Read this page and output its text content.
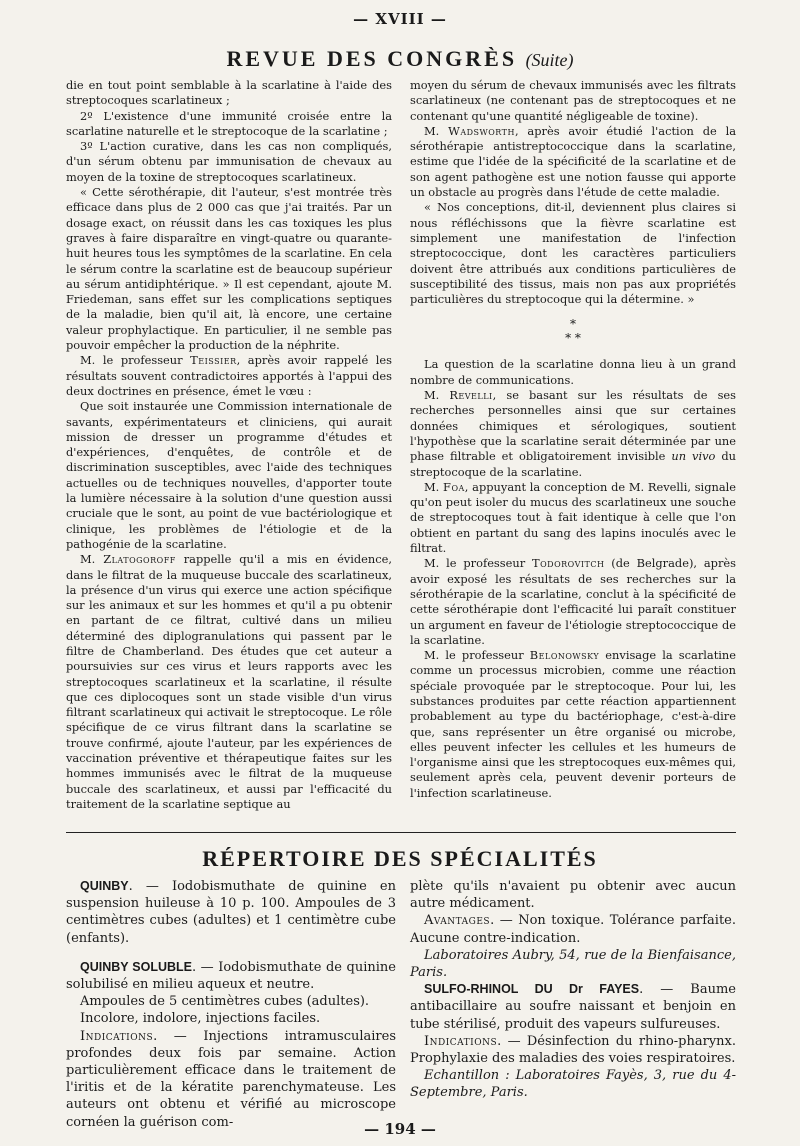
— XVIII —
REVUE DES CONGRÈS (Suite)

die en tout point semblable à la scarlatine à l'aide des streptocoques scarlatineux ;

2º L'existence d'une immunité croisée entre la scarlatine naturelle et le streptocoque de la scarlatine ;

3º L'action curative, dans les cas non compliqués, d'un sérum obtenu par immunisation de chevaux au moyen de la toxine de streptocoques scarlatineux.

« Cette sérothérapie, dit l'auteur, s'est montrée très efficace dans plus de 2 000 cas que j'ai traités. Par un dosage exact, on réussit dans les cas toxiques les plus graves à faire disparaître en vingt-quatre ou quarante-huit heures tous les symptômes de la scarlatine. En cela le sérum contre la scarlatine est de beaucoup supérieur au sérum antidiphtérique. » Il est cependant, ajoute M. Friedeman, sans effet sur les complications septiques de la maladie, bien qu'il ait, là encore, une certaine valeur prophylactique. En particulier, il ne semble pas pouvoir empêcher la production de la néphrite.

M. le professeur Teissier, après avoir rappelé les résultats souvent contradictoires apportés à l'appui des deux doctrines en présence, émet le vœu :

Que soit instaurée une Commission internationale de savants, expérimentateurs et cliniciens, qui aurait mission de dresser un programme d'études et d'expériences, d'enquêtes, de contrôle et de discrimination susceptibles, avec l'aide des techniques actuelles ou de techniques nouvelles, d'apporter toute la lumière nécessaire à la solution d'une question aussi cruciale que le sont, au point de vue bactériologique et clinique, les problèmes de l'étiologie et de la pathogénie de la scarlatine.

M. Zlatogoroff rappelle qu'il a mis en évidence, dans le filtrat de la muqueuse buccale des scarlatineux, la présence d'un virus qui exerce une action spécifique sur les animaux et sur les hommes et qu'il a pu obtenir en partant de ce filtrat, cultivé dans un milieu déterminé des diplogranulations qui passent par le filtre de Chamberland. Des études que cet auteur a poursuivies sur ces virus et leurs rapports avec les streptocoques scarlatineux et la scarlatine, il résulte que ces diplocoques sont un stade visible d'un virus filtrant scarlatineux qui activait le streptocoque. Le rôle spécifique de ce virus filtrant dans la scarlatine se trouve confirmé, ajoute l'auteur, par les expériences de vaccination préventive et thérapeutique faites sur les hommes immunisés avec le filtrat de la muqueuse buccale des scarlatineux, et aussi par l'efficacité du traitement de la scarlatine septique au

moyen du sérum de chevaux immunisés avec les filtrats scarlatineux (ne contenant pas de streptocoques et ne contenant qu'une quantité négligeable de toxine).

M. Wadsworth, après avoir étudié l'action de la sérothérapie antistreptococcique dans la scarlatine, estime que l'idée de la spécificité de la scarlatine et de son agent pathogène est une notion fausse qui apporte un obstacle au progrès dans l'étude de cette maladie.

« Nos conceptions, dit-il, deviennent plus claires si nous réfléchissons que la fièvre scarlatine est simplement une manifestation de l'infection streptococcique, dont les caractères particuliers doivent être attribués aux conditions particulières de susceptibilité des tissus, mais non pas aux propriétés particulières du streptocoque qui la détermine. »

*
* *

La question de la scarlatine donna lieu à un grand nombre de communications.

M. Revelli, se basant sur les résultats de ses recherches personnelles ainsi que sur certaines données chimiques et sérologiques, soutient l'hypothèse que la scarlatine serait déterminée par une phase filtrable et obligatoirement invisible un vivo du streptocoque de la scarlatine.

M. Foa, appuyant la conception de M. Revelli, signale qu'on peut isoler du mucus des scarlatineux une souche de streptocoques tout à fait identique à celle que l'on obtient en partant du sang des lapins inoculés avec le filtrat.

M. le professeur Todorovitch (de Belgrade), après avoir exposé les résultats de ses recherches sur la sérothérapie de la scarlatine, conclut à la spécificité de cette sérothérapie dont l'efficacité lui paraît constituer un argument en faveur de l'étiologie streptococcique de la scarlatine.

M. le professeur Belonowsky envisage la scarlatine comme un processus microbien, comme une réaction spéciale provoquée par le streptocoque. Pour lui, les substances produites par cette réaction appartiennent probablement au type du bactériophage, c'est-à-dire que, sans représenter un être organisé ou microbe, elles peuvent infecter les cellules et les humeurs de l'organisme ainsi que les streptocoques eux-mêmes qui, seulement après cela, peuvent devenir porteurs de l'infection scarlatineuse.

RÉPERTOIRE DES SPÉCIALITÉS

QUINBY. — Iodobismuthate de quinine en suspension huileuse à 10 p. 100. Ampoules de 3 centimètres cubes (adultes) et 1 centimètre cube (enfants).

QUINBY SOLUBLE. — Iodobismuthate de quinine solubilisé en milieu aqueux et neutre.

Ampoules de 5 centimètres cubes (adultes).

Incolore, indolore, injections faciles.

Indications. — Injections intramusculaires profondes deux fois par semaine. Action particulièrement efficace dans le traitement de l'iritis et de la kératite parenchymateuse. Les auteurs ont obtenu et vérifié au microscope cornéen la guérison com-

plète qu'ils n'avaient pu obtenir avec aucun autre médicament.

Avantages. — Non toxique. Tolérance parfaite. Aucune contre-indication.

Laboratoires Aubry, 54, rue de la Bienfaisance, Paris.

SULFO-RHINOL DU Dr FAYES. — Baume antibacillaire au soufre naissant et benjoin en tube stérilisé, produit des vapeurs sulfureuses.

Indications. — Désinfection du rhino-pharynx. Prophylaxie des maladies des voies respiratoires.

Echantillon : Laboratoires Fayès, 3, rue du 4-Septembre, Paris.

— 194 —
